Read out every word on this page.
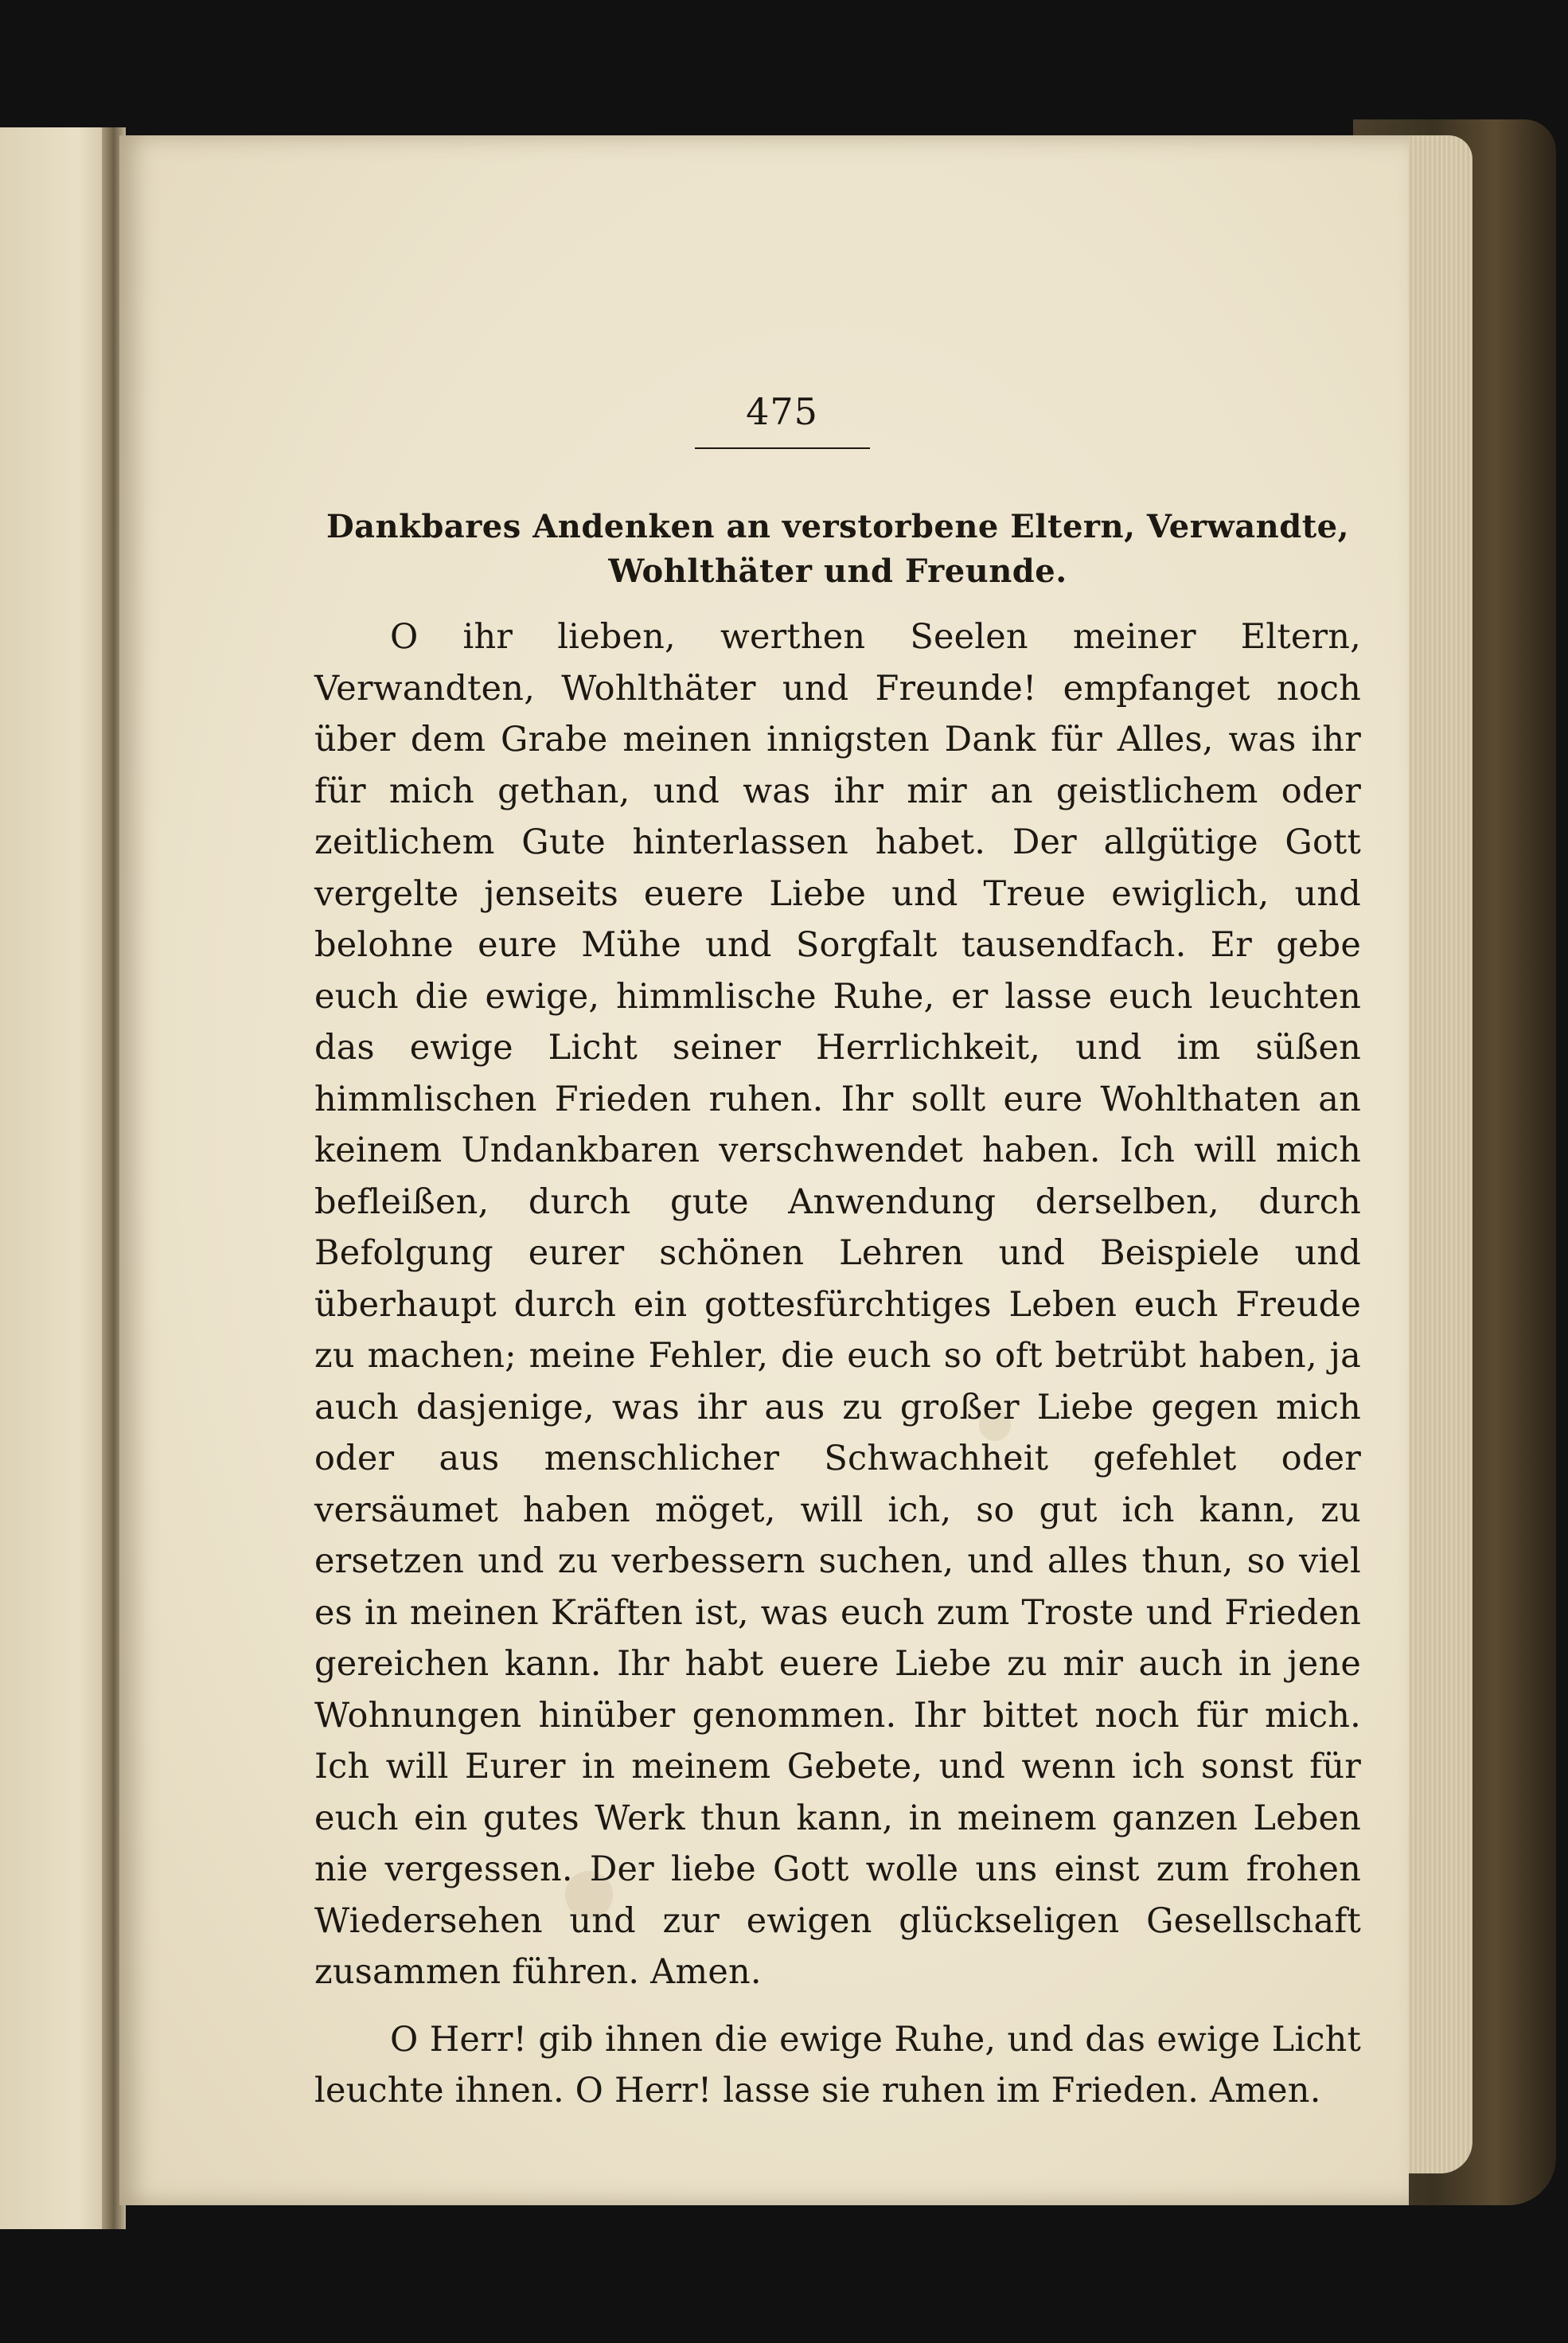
475
Dankbares Andenken an verstorbene Eltern, Verwandte, Wohlthäter und Freunde.

O ihr lieben, werthen Seelen meiner Eltern, Verwandten, Wohlthäter und Freunde! empfanget noch über dem Grabe meinen innigsten Dank für Alles, was ihr für mich gethan, und was ihr mir an geistlichem oder zeitlichem Gute hinterlassen habet. Der allgütige Gott vergelte jenseits euere Liebe und Treue ewiglich, und belohne eure Mühe und Sorgfalt tausendfach. Er gebe euch die ewige, himmlische Ruhe, er lasse euch leuchten das ewige Licht seiner Herrlichkeit, und im süßen himmlischen Frieden ruhen. Ihr sollt eure Wohlthaten an keinem Undankbaren verschwendet haben. Ich will mich befleißen, durch gute Anwendung derselben, durch Befolgung eurer schönen Lehren und Beispiele und überhaupt durch ein gottesfürchtiges Leben euch Freude zu machen; meine Fehler, die euch so oft betrübt haben, ja auch dasjenige, was ihr aus zu großer Liebe gegen mich oder aus menschlicher Schwachheit gefehlet oder versäumet haben möget, will ich, so gut ich kann, zu ersetzen und zu verbessern suchen, und alles thun, so viel es in meinen Kräften ist, was euch zum Troste und Frieden gereichen kann. Ihr habt euere Liebe zu mir auch in jene Wohnungen hinüber genommen. Ihr bittet noch für mich. Ich will Eurer in meinem Gebete, und wenn ich sonst für euch ein gutes Werk thun kann, in meinem ganzen Leben nie vergessen. Der liebe Gott wolle uns einst zum frohen Wiedersehen und zur ewigen glückseligen Gesellschaft zusammen führen. Amen.

O Herr! gib ihnen die ewige Ruhe, und das ewige Licht leuchte ihnen. O Herr! lasse sie ruhen im Frieden. Amen.
